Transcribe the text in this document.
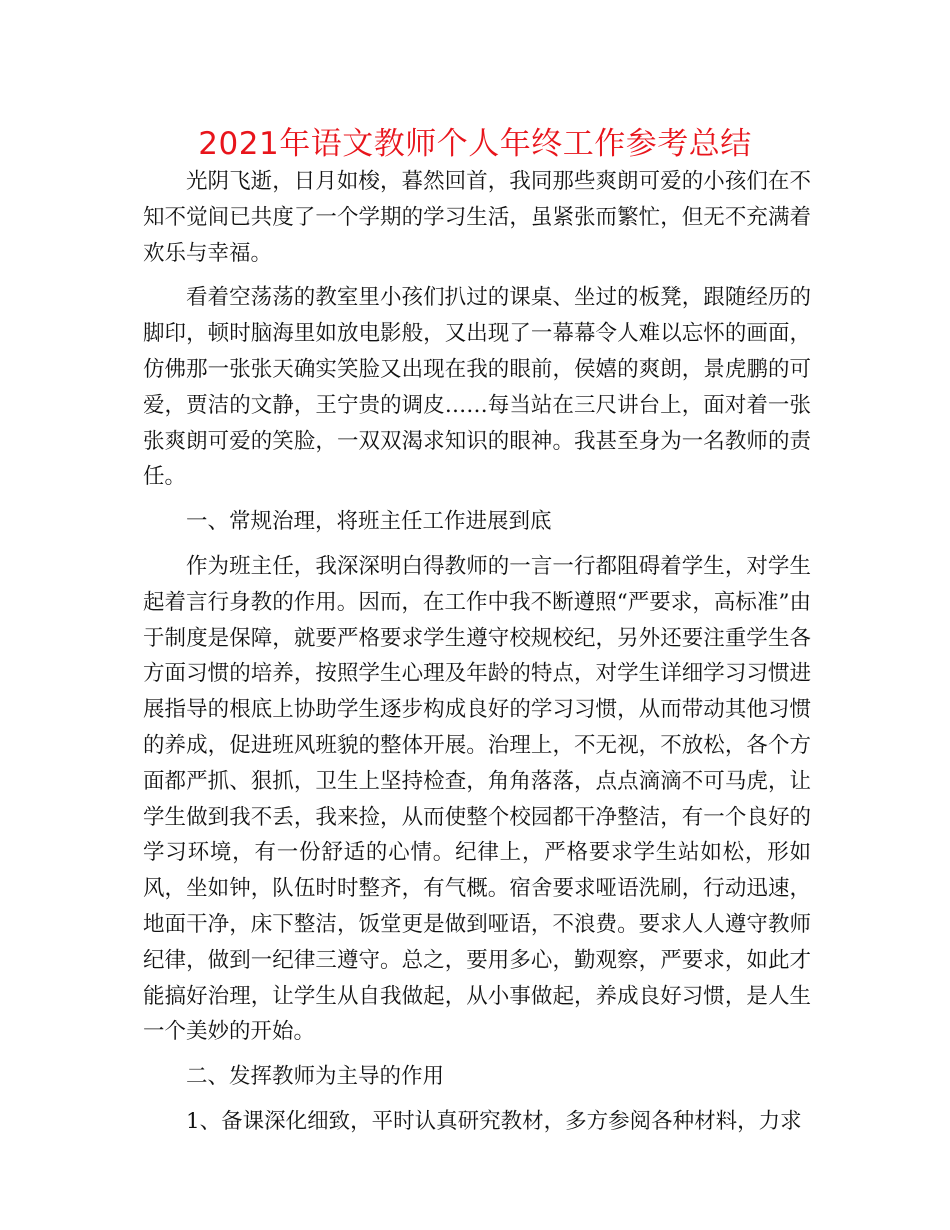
2021年语文教师个人年终工作参考总结

光阴飞逝，日月如梭，暮然回首，我同那些爽朗可爱的小孩们在不知不觉间已共度了一个学期的学习生活，虽紧张而繁忙，但无不充满着欢乐与幸福。

看着空荡荡的教室里小孩们扒过的课桌、坐过的板凳，跟随经历的脚印，顿时脑海里如放电影般，又出现了一幕幕令人难以忘怀的画面，仿佛那一张张天确实笑脸又出现在我的眼前，侯嬉的爽朗，景虎鹏的可爱，贾洁的文静，王宁贵的调皮……每当站在三尺讲台上，面对着一张张爽朗可爱的笑脸，一双双渴求知识的眼神。我甚至身为一名教师的责任。

一、常规治理，将班主任工作进展到底

作为班主任，我深深明白得教师的一言一行都阻碍着学生，对学生起着言行身教的作用。因而，在工作中我不断遵照“严要求，高标准”由于制度是保障，就要严格要求学生遵守校规校纪，另外还要注重学生各方面习惯的培养，按照学生心理及年龄的特点，对学生详细学习习惯进展指导的根底上协助学生逐步构成良好的学习习惯，从而带动其他习惯的养成，促进班风班貌的整体开展。治理上，不无视，不放松，各个方面都严抓、狠抓，卫生上坚持检查，角角落落，点点滴滴不可马虎，让学生做到我不丢，我来捡，从而使整个校园都干净整洁，有一个良好的学习环境，有一份舒适的心情。纪律上，严格要求学生站如松，形如风，坐如钟，队伍时时整齐，有气概。宿舍要求哑语洗刷，行动迅速，地面干净，床下整洁，饭堂更是做到哑语，不浪费。要求人人遵守教师纪律，做到一纪律三遵守。总之，要用多心，勤观察，严要求，如此才能搞好治理，让学生从自我做起，从小事做起，养成良好习惯，是人生一个美妙的开始。

二、发挥教师为主导的作用

1、备课深化细致，平时认真研究教材，多方参阅各种材料，力求
